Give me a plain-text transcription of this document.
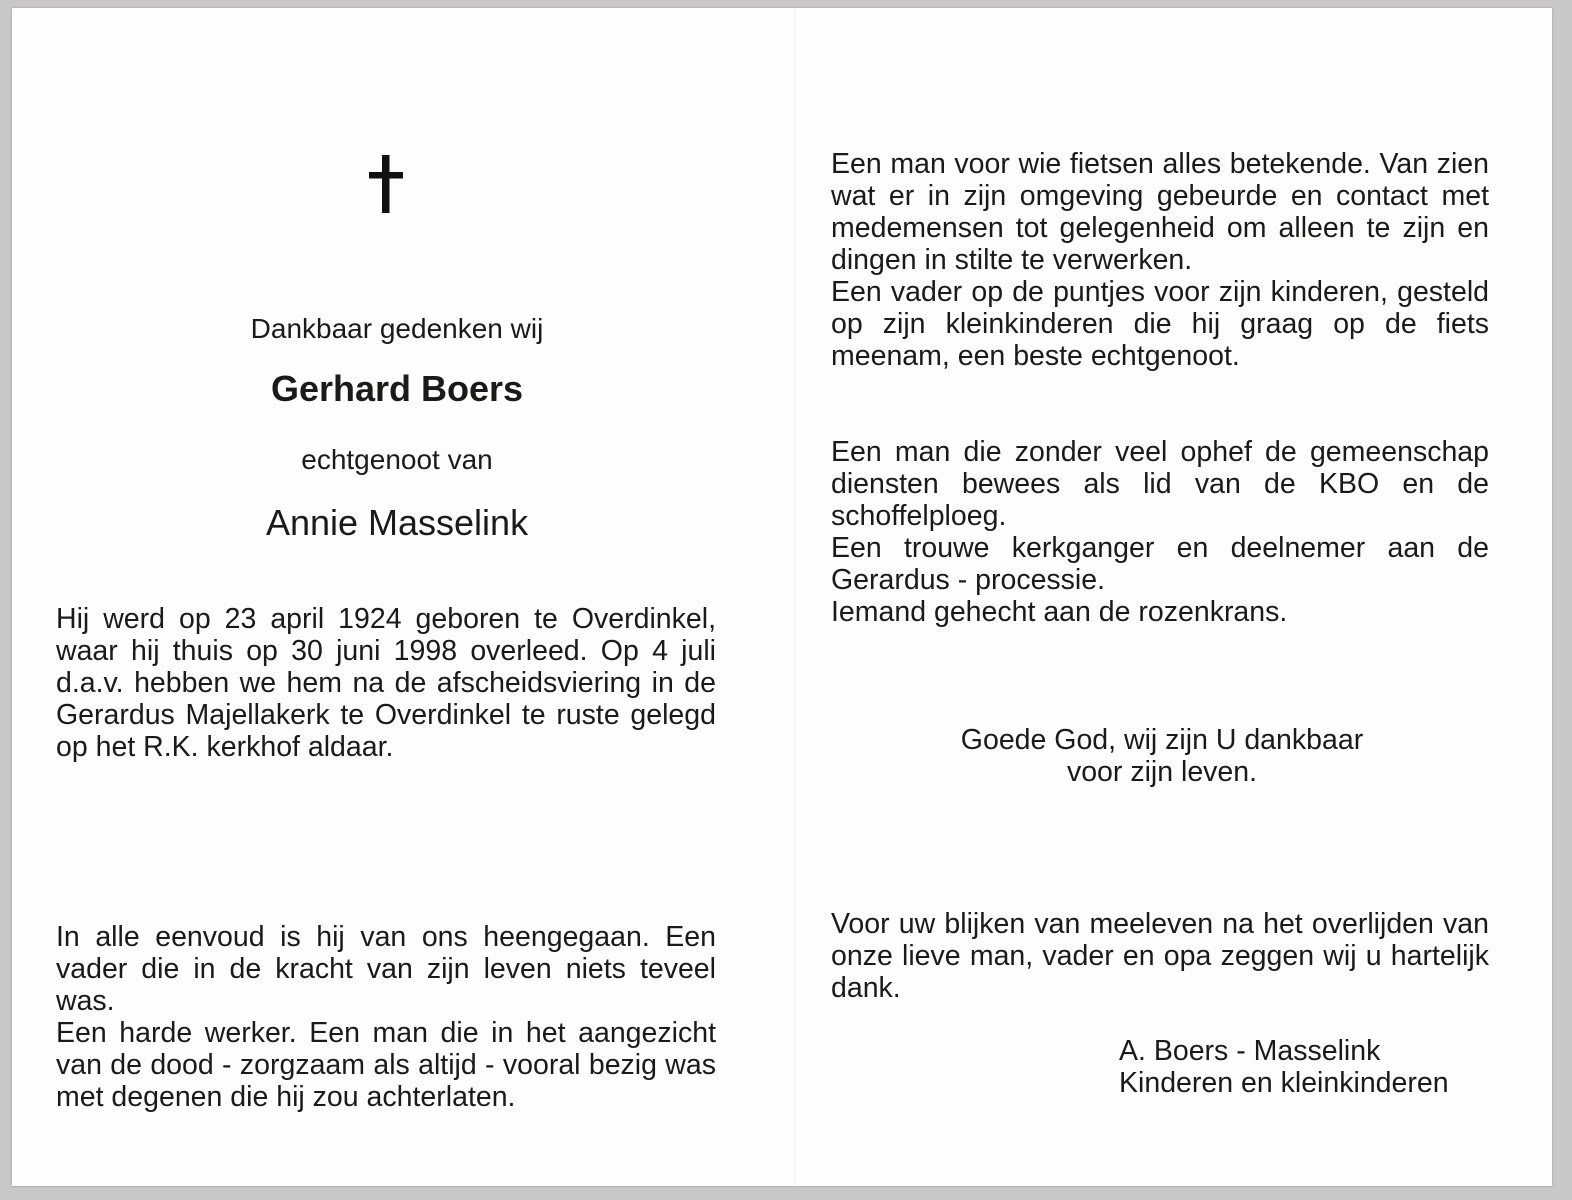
Dankbaar gedenken wij
Gerhard Boers
echtgenoot van
Annie Masselink

Hij werd op 23 april 1924 geboren te Overdinkel, waar hij thuis op 30 juni 1998 overleed. Op 4 juli d.a.v. hebben we hem na de afscheidsviering in de Gerardus Majellakerk te Overdinkel te ruste gelegd op het R.K. kerkhof aldaar.

In alle eenvoud is hij van ons heengegaan. Een vader die in de kracht van zijn leven niets teveel was.

Een harde werker. Een man die in het aangezicht van de dood - zorgzaam als altijd - vooral bezig was met degenen die hij zou achterlaten.

Een man voor wie fietsen alles betekende. Van zien wat er in zijn omgeving gebeurde en contact met medemensen tot gelegenheid om alleen te zijn en dingen in stilte te verwerken.

Een vader op de puntjes voor zijn kinderen, gesteld op zijn kleinkinderen die hij graag op de fiets meenam, een beste echtgenoot.

Een man die zonder veel ophef de gemeenschap diensten bewees als lid van de KBO en de schoffelploeg.

Een trouwe kerkganger en deelnemer aan de Gerardus - processie.

Iemand gehecht aan de rozenkrans.

Goede God, wij zijn U dankbaar
voor zijn leven.

Voor uw blijken van meeleven na het overlijden van onze lieve man, vader en opa zeggen wij u hartelijk dank.

A. Boers - Masselink
Kinderen en kleinkinderen
